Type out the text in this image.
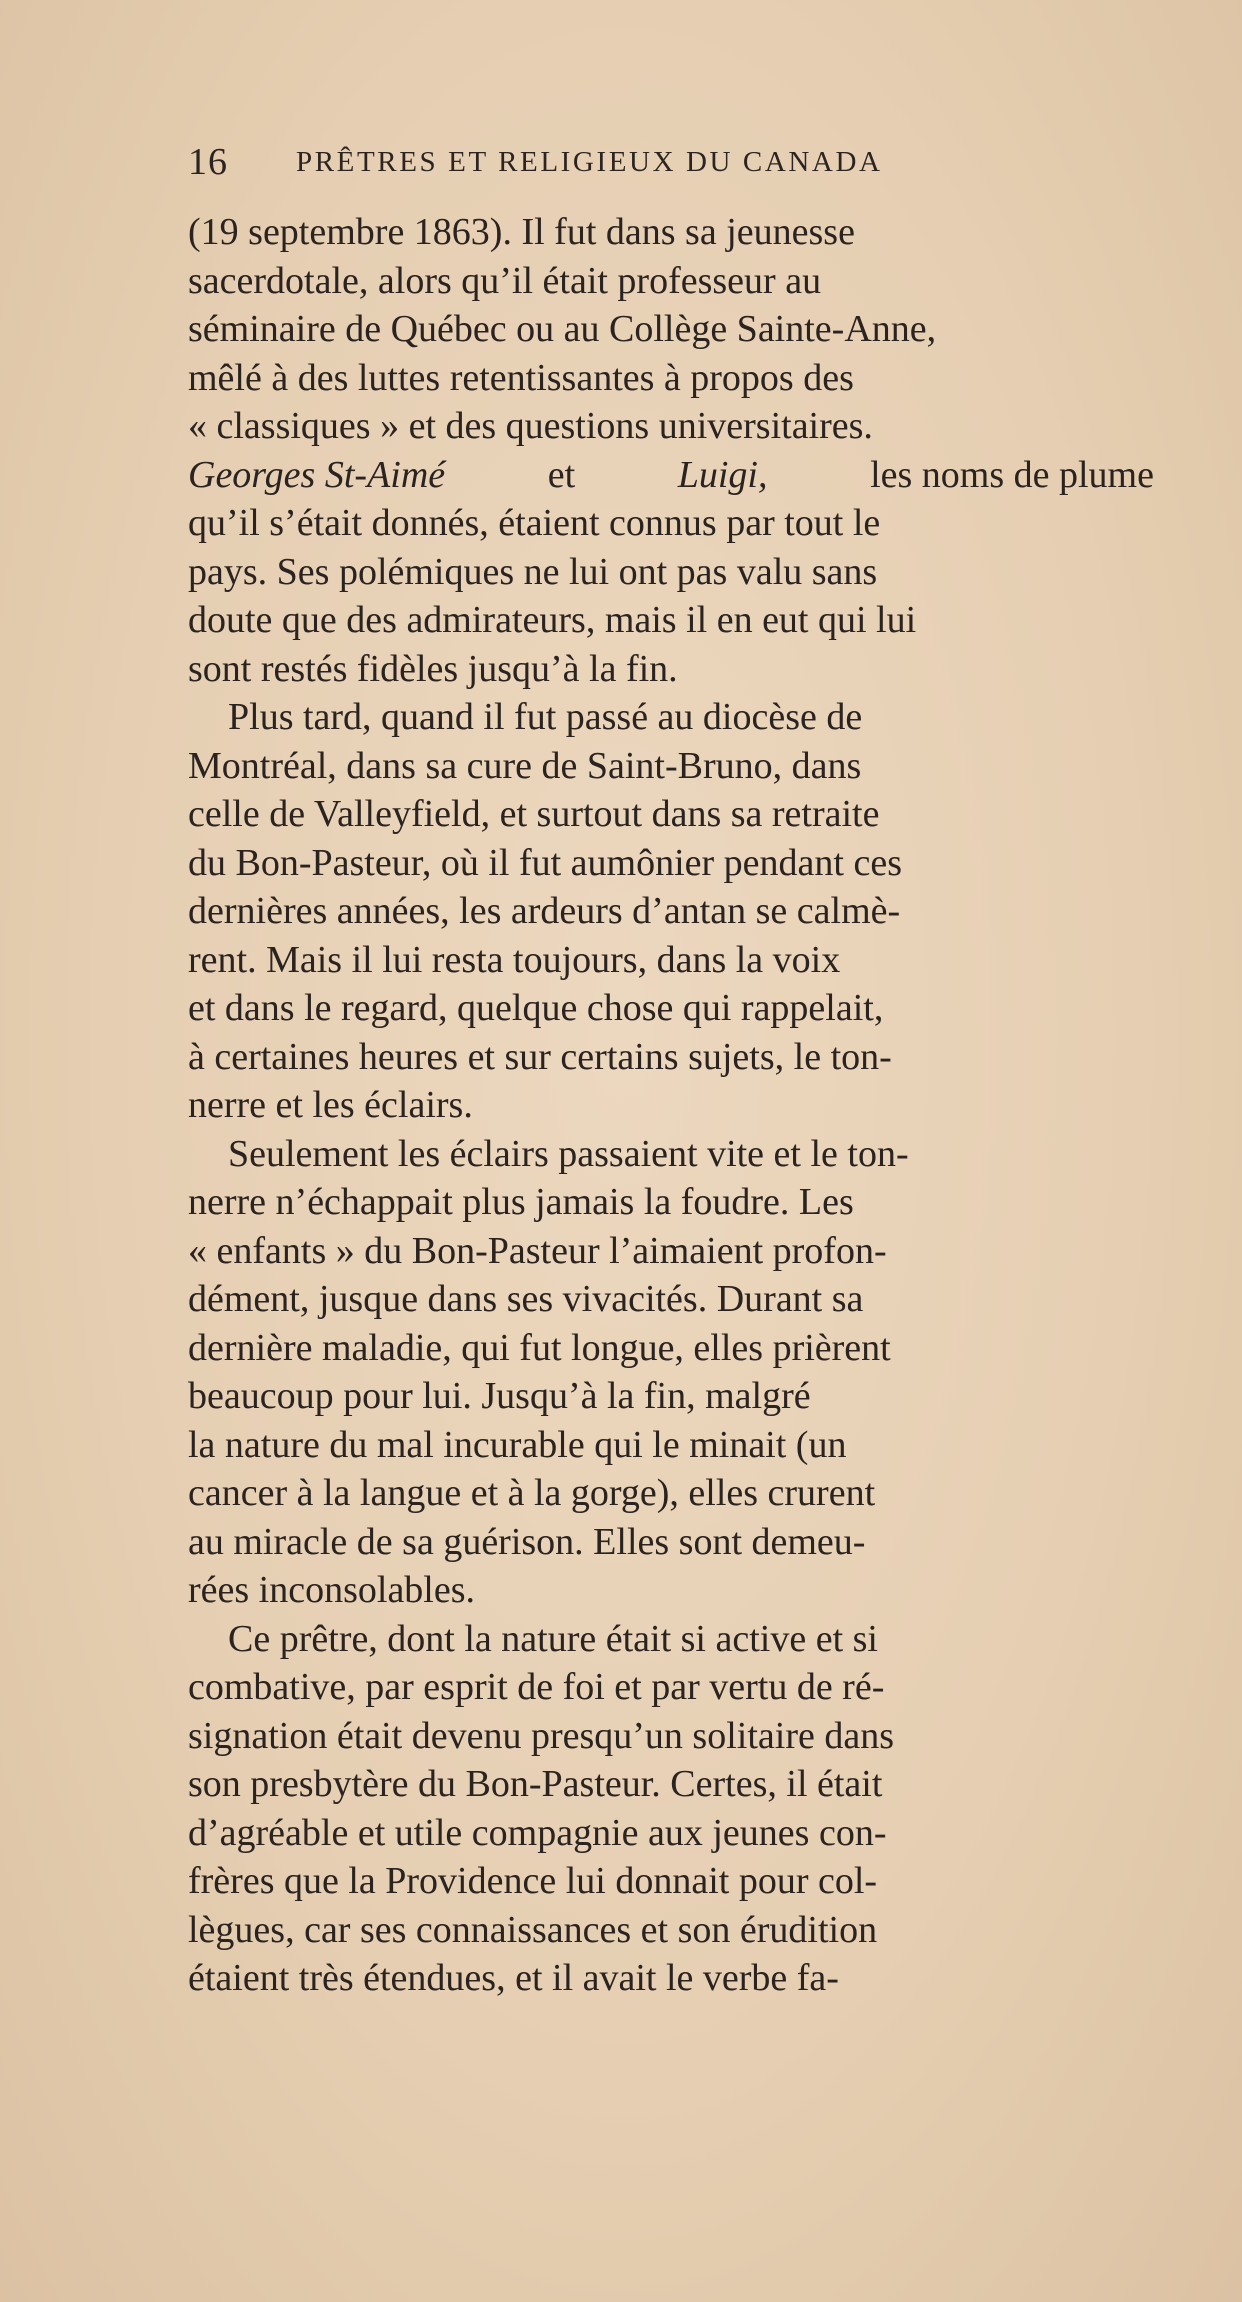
16 PRÊTRES ET RELIGIEUX DU CANADA
(19 septembre 1863). Il fut dans sa jeunesse
sacerdotale, alors qu’il était professeur au
séminaire de Québec ou au Collège Sainte-Anne,
mêlé à des luttes retentissantes à propos des
« classiques » et des questions universitaires.
Georges St-Aimé	et	Luigi,	les noms de plume
qu’il s’était donnés, étaient connus par tout le
pays. Ses polémiques ne lui ont pas valu sans
doute que des admirateurs, mais il en eut qui lui
sont restés fidèles jusqu’à la fin.
Plus tard, quand il fut passé au diocèse de
Montréal, dans sa cure de Saint-Bruno, dans
celle de Valleyfield, et surtout dans sa retraite
du Bon-Pasteur, où il fut aumônier pendant ces
dernières années, les ardeurs d’antan se calmè-
rent. Mais il lui resta toujours, dans la voix
et dans le regard, quelque chose qui rappelait,
à certaines heures et sur certains sujets, le ton-
nerre et les éclairs.
Seulement les éclairs passaient vite et le ton-
nerre n’échappait plus jamais la foudre. Les
« enfants » du Bon-Pasteur l’aimaient profon-
dément, jusque dans ses vivacités. Durant sa
dernière maladie, qui fut longue, elles prièrent
beaucoup pour lui. Jusqu’à la fin, malgré
la nature du mal incurable qui le minait (un
cancer à la langue et à la gorge), elles crurent
au miracle de sa guérison. Elles sont demeu-
rées inconsolables.
Ce prêtre, dont la nature était si active et si
combative, par esprit de foi et par vertu de ré-
signation était devenu presqu’un solitaire dans
son presbytère du Bon-Pasteur. Certes, il était
d’agréable et utile compagnie aux jeunes con-
frères que la Providence lui donnait pour col-
lègues, car ses connaissances et son érudition
étaient très étendues, et il avait le verbe fa-
